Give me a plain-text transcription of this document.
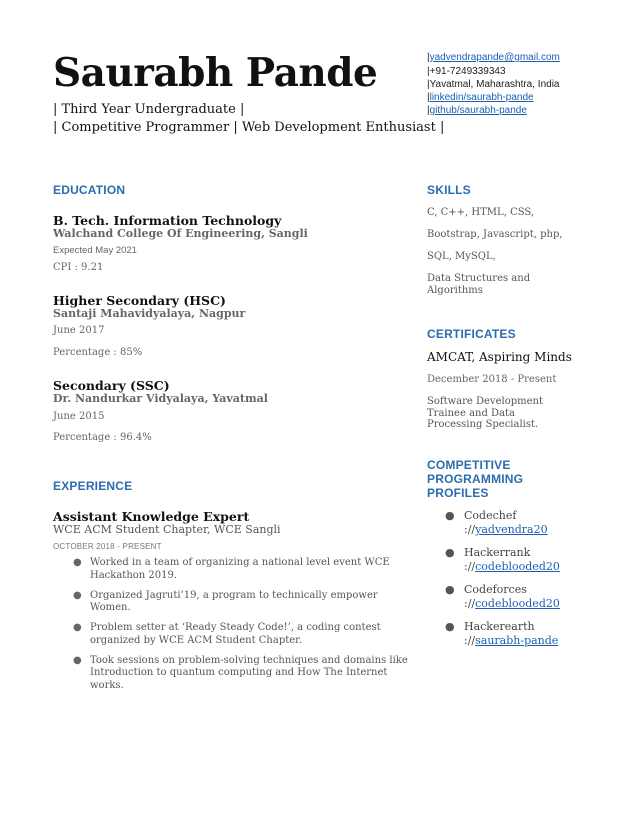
Saurabh Pande
| Third Year Undergraduate |
| Competitive Programmer | Web Development Enthusiast |
|yadvendrapande@gmail.com
|+91-7249339343
|Yavatmal, Maharashtra, India
|linkedin/saurabh-pande
|github/saurabh-pande
EDUCATION
B. Tech. Information Technology
Walchand College Of Engineering, Sangli
Expected May 2021
CPI : 9.21
Higher Secondary (HSC)
Santaji Mahavidyalaya, Nagpur
June 2017
Percentage : 85%
Secondary (SSC)
Dr. Nandurkar Vidyalaya, Yavatmal
June 2015
Percentage : 96.4%
EXPERIENCE
Assistant Knowledge Expert
WCE ACM Student Chapter, WCE Sangli
OCTOBER 2018 - PRESENT
● Worked in a team of organizing a national level event WCE Hackathon 2019.
● Organized Jagruti’19, a program to technically empower Women.
● Problem setter at ‘Ready Steady Code!’, a coding contest organized by WCE ACM Student Chapter.
● Took sessions on problem-solving techniques and domains like Introduction to quantum computing and How The Internet works.
SKILLS
C, C++, HTML, CSS,
Bootstrap, Javascript, php,
SQL, MySQL,
Data Structures and Algorithms
CERTIFICATES
AMCAT, Aspiring Minds
December 2018 - Present
Software Development Trainee and Data Processing Specialist.
COMPETITIVE PROGRAMMING PROFILES
● Codechef
://yadvendra20
● Hackerrank
://codeblooded20
● Codeforces
://codeblooded20
● Hackerearth
://saurabh-pande
